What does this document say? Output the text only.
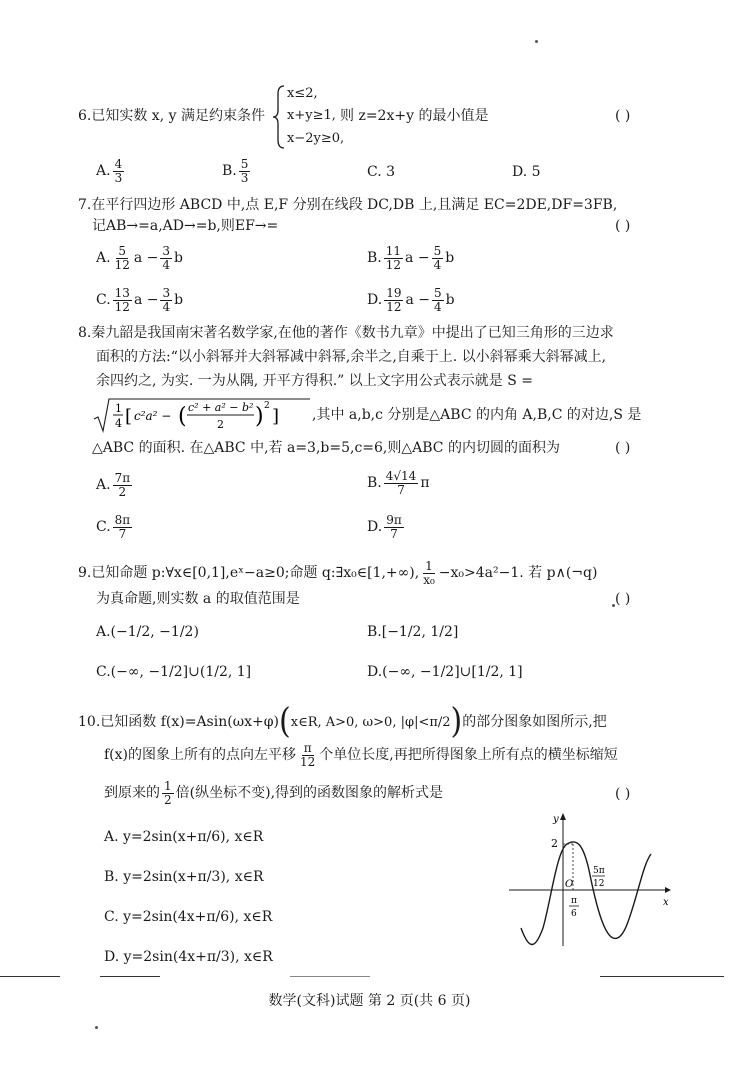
x≤2,
x+y≥1,
x−2y≥0,
6.已知实数 x, y 满足约束条件	则 z=2x+y 的最小值是	( )
A. $\frac{4}{3}$	B. $\frac{5}{3}$	C. 3	D. 5
7.在平行四边形 ABCD 中,点 E,F 分别在线段 DC,DB 上,且满足 EC=2DE,DF=3FB,
记AB→=a,AD→=b,则EF→=	( )
A. $\frac{5}{12}$ $a - \frac{3}{4}$ b	B. $\frac{11}{12}$ $a - \frac{5}{4}$ b
C. $\frac{13}{12}$ $a - \frac{3}{4}$ b	D. $\frac{19}{12}$ $a - \frac{5}{4}$ b
8.秦九韶是我国南宋著名数学家,在他的著作《数书九章》中提出了已知三角形的三边求
面积的方法:“以小斜幂并大斜幂减中斜幂,余半之,自乘于上. 以小斜幂乘大斜幂减上,
余四约之, 为实. 一为从隅, 开平方得积.” 以上文字用公式表示就是 S =
1
4 [ c²a² − ( c² + a² − b²
2 ) 2 ] ,其中 a,b,c 分别是△ABC 的内角 A,B,C 的对边,S 是
△ABC 的面积. 在△ABC 中,若 a=3,b=5,c=6,则△ABC 的内切圆的面积为	( )
A. $\frac{7\pi}{2}$	B. $\frac{4√14}{7}$ π
C. $\frac{8\pi}{7}$	D. $\frac{9\pi}{7}$
9.已知命题 p:∀x∈[0,1],eˣ−a≥0;命题 q:∃x₀∈[1,+∞), $\frac{1}{\text{x₀}} -x_0>4a^2-1$. 若 p∧(¬q)
为真命题,则实数 a 的取值范围是	( )
A.(−1/2, −1/2)	B.[−1/2, 1/2]
C.(−∞, −1/2]∪(1/2, 1]	D.(−∞, −1/2]∪[1/2, 1]
10.已知函数 f(x)=Asin(ωx+φ)(x∈R, A>0, ω>0, |φ|<π/2)的部分图象如图所示,把
f(x)的图象上所有的点向左平移 $\frac{\pi}{12}$ 个单位长度,再把所得图象上所有点的横坐标缩短
到原来的 $\frac{1}{2}$ 倍(纵坐标不变),得到的函数图象的解析式是	( )
A. y=2sin(x+π/6), x∈R
B. y=2sin(x+π/3), x∈R
C. y=2sin(4x+π/6), x∈R
D. y=2sin(4x+π/3), x∈R
y
x
O
2
π
6
5π
12
数学(文科)试题 第 2 页(共 6 页)
